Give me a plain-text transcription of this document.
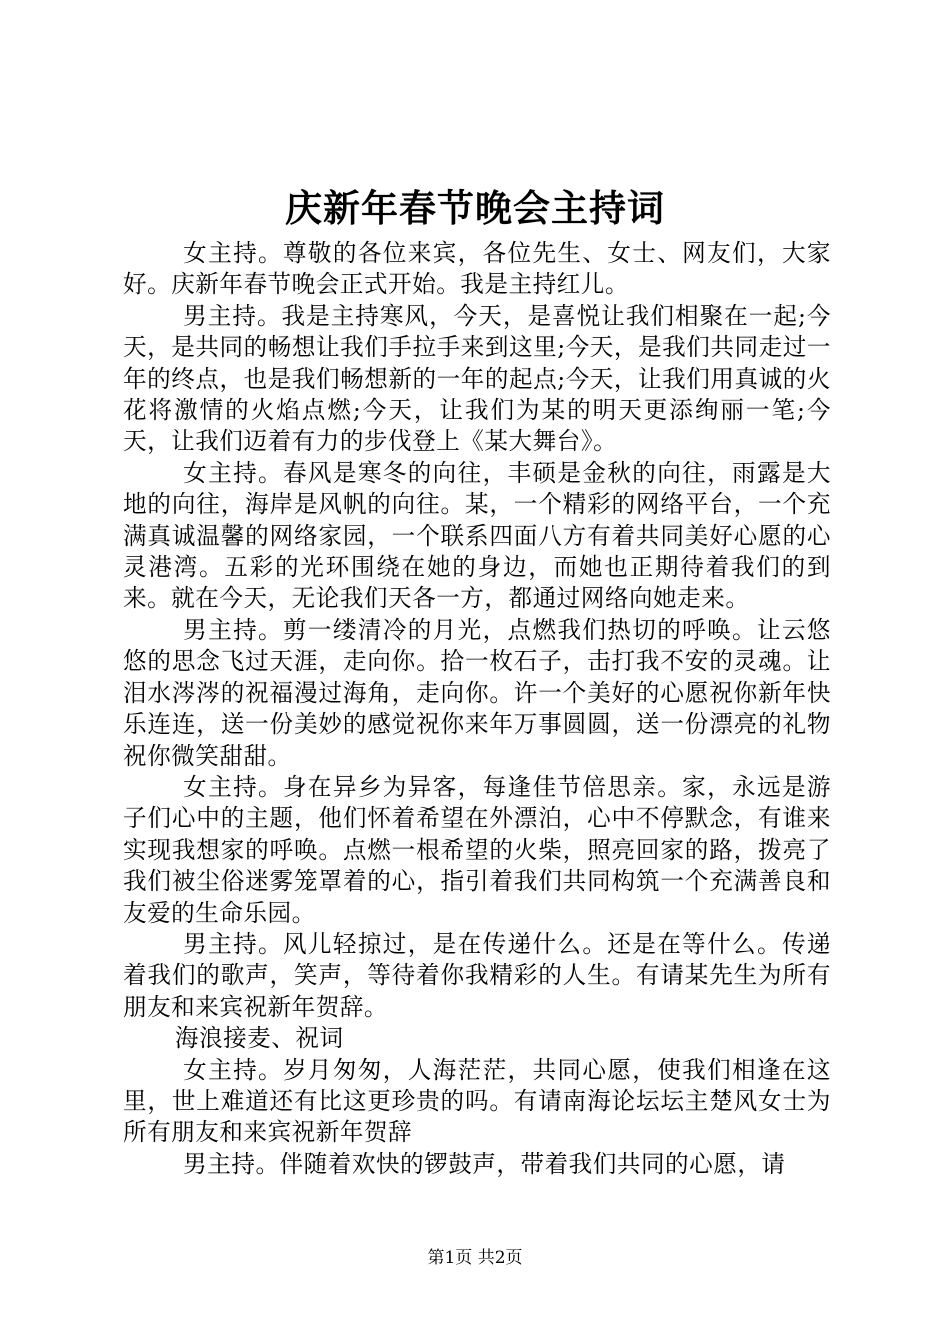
庆新年春节晚会主持词

女主持。尊敬的各位来宾，各位先生、女士、网友们，大家好。庆新年春节晚会正式开始。我是主持红儿。

男主持。我是主持寒风，今天，是喜悦让我们相聚在一起;今天，是共同的畅想让我们手拉手来到这里;今天，是我们共同走过一年的终点，也是我们畅想新的一年的起点;今天，让我们用真诚的火花将激情的火焰点燃;今天，让我们为某的明天更添绚丽一笔;今天，让我们迈着有力的步伐登上《某大舞台》。

女主持。春风是寒冬的向往，丰硕是金秋的向往，雨露是大地的向往，海岸是风帆的向往。某，一个精彩的网络平台，一个充满真诚温馨的网络家园，一个联系四面八方有着共同美好心愿的心灵港湾。五彩的光环围绕在她的身边，而她也正期待着我们的到来。就在今天，无论我们天各一方，都通过网络向她走来。

男主持。剪一缕清冷的月光，点燃我们热切的呼唤。让云悠悠的思念飞过天涯，走向你。拾一枚石子，击打我不安的灵魂。让泪水涔涔的祝福漫过海角，走向你。许一个美好的心愿祝你新年快乐连连，送一份美妙的感觉祝你来年万事圆圆，送一份漂亮的礼物祝你微笑甜甜。

女主持。身在异乡为异客，每逢佳节倍思亲。家，永远是游子们心中的主题，他们怀着希望在外漂泊，心中不停默念，有谁来实现我想家的呼唤。点燃一根希望的火柴，照亮回家的路，拨亮了我们被尘俗迷雾笼罩着的心，指引着我们共同构筑一个充满善良和友爱的生命乐园。

男主持。风儿轻掠过，是在传递什么。还是在等什么。传递着我们的歌声，笑声，等待着你我精彩的人生。有请某先生为所有朋友和来宾祝新年贺辞。

海浪接麦、祝词

女主持。岁月匆匆，人海茫茫，共同心愿，使我们相逢在这里，世上难道还有比这更珍贵的吗。有请南海论坛坛主楚风女士为所有朋友和来宾祝新年贺辞

男主持。伴随着欢快的锣鼓声，带着我们共同的心愿，请

第1页 共2页
